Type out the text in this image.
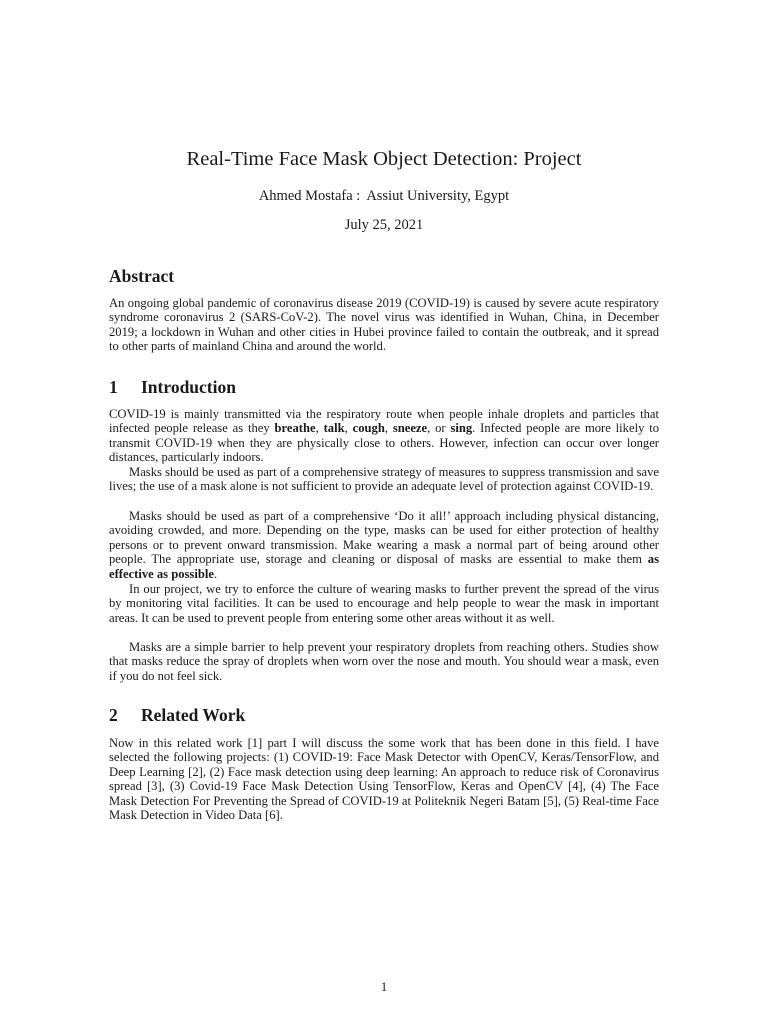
Real-Time Face Mask Object Detection: Project
Ahmed Mostafa : Assiut University, Egypt
July 25, 2021
Abstract

An ongoing global pandemic of coronavirus disease 2019 (COVID-19) is caused by severe acute respiratory syndrome coronavirus 2 (SARS-CoV-2). The novel virus was identified in Wuhan, China, in December 2019; a lockdown in Wuhan and other cities in Hubei province failed to contain the outbreak, and it spread to other parts of mainland China and around the world.

1 Introduction

COVID-19 is mainly transmitted via the respiratory route when people inhale droplets and particles that infected people release as they breathe, talk, cough, sneeze, or sing. Infected people are more likely to transmit COVID-19 when they are physically close to others. However, infection can occur over longer distances, particularly indoors.

Masks should be used as part of a comprehensive strategy of measures to suppress transmission and save lives; the use of a mask alone is not sufficient to provide an adequate level of protection against COVID-19.

Masks should be used as part of a comprehensive ‘Do it all!’ approach including physical distancing, avoiding crowded, and more. Depending on the type, masks can be used for either protection of healthy persons or to prevent onward transmission. Make wearing a mask a normal part of being around other people. The appropriate use, storage and cleaning or disposal of masks are essential to make them as effective as possible.

In our project, we try to enforce the culture of wearing masks to further prevent the spread of the virus by monitoring vital facilities. It can be used to encourage and help people to wear the mask in important areas. It can be used to prevent people from entering some other areas without it as well.

Masks are a simple barrier to help prevent your respiratory droplets from reaching others. Studies show that masks reduce the spray of droplets when worn over the nose and mouth. You should wear a mask, even if you do not feel sick.

2 Related Work

Now in this related work [1] part I will discuss the some work that has been done in this field. I have selected the following projects: (1) COVID-19: Face Mask Detector with OpenCV, Keras/TensorFlow, and Deep Learning [2], (2) Face mask detection using deep learning: An approach to reduce risk of Coronavirus spread [3], (3) Covid-19 Face Mask Detection Using TensorFlow, Keras and OpenCV [4], (4) The Face Mask Detection For Preventing the Spread of COVID-19 at Politeknik Negeri Batam [5], (5) Real-time Face Mask Detection in Video Data [6].

1
